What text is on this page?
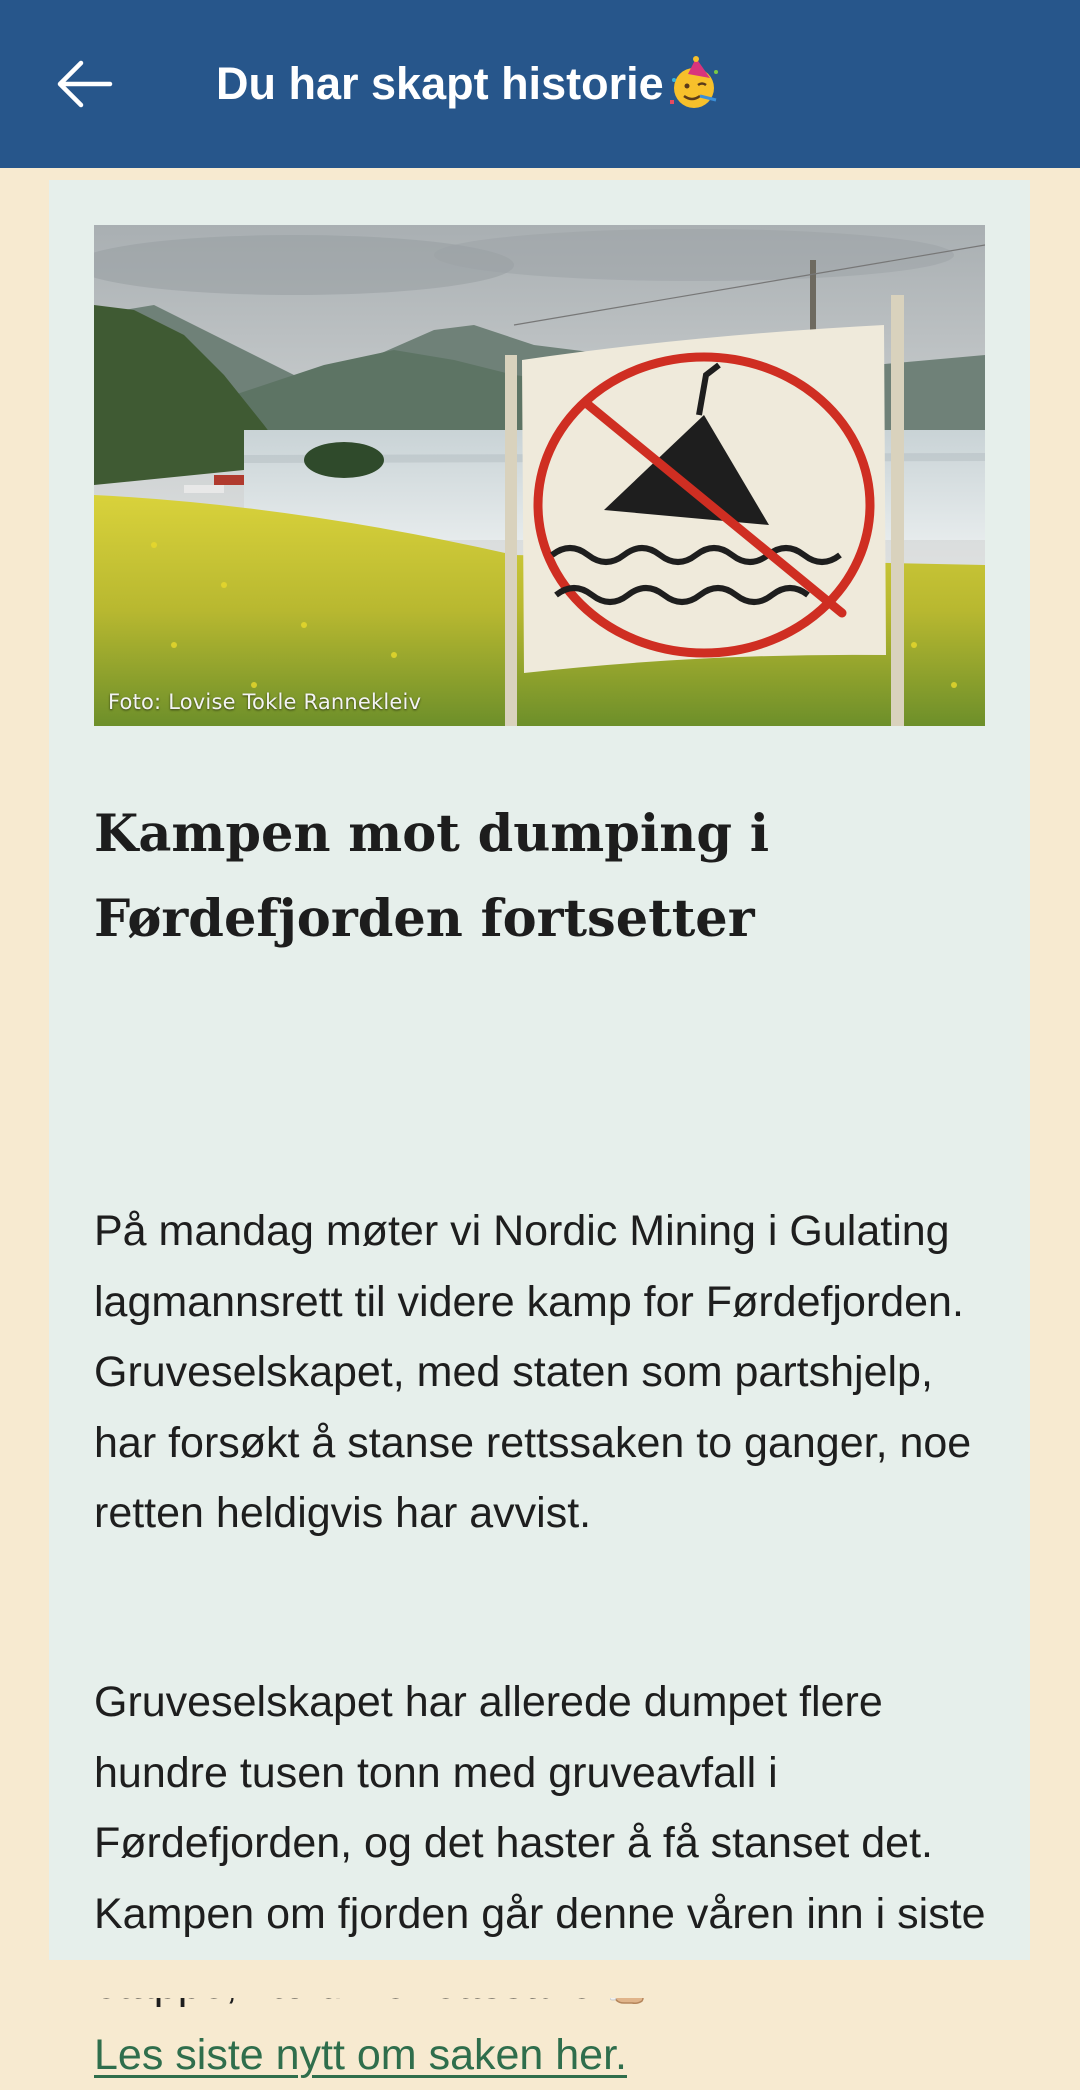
Du har skapt historie
Foto: Lovise Tokle Rannekleiv
Kampen mot dumping i Førdefjorden fortsetter

På mandag møter vi Nordic Mining i Gulating lagmannsrett til videre kamp for Førdefjorden. Gruveselskapet, med staten som partshjelp, har forsøkt å stanse rettssaken to ganger, noe retten heldigvis har avvist.

Gruveselskapet har allerede dumpet flere hundre tusen tonn med gruveavfall i Førdefjorden, og det haster å få stanset det. Kampen om fjorden går denne våren inn i siste
Les siste nytt om saken her.
